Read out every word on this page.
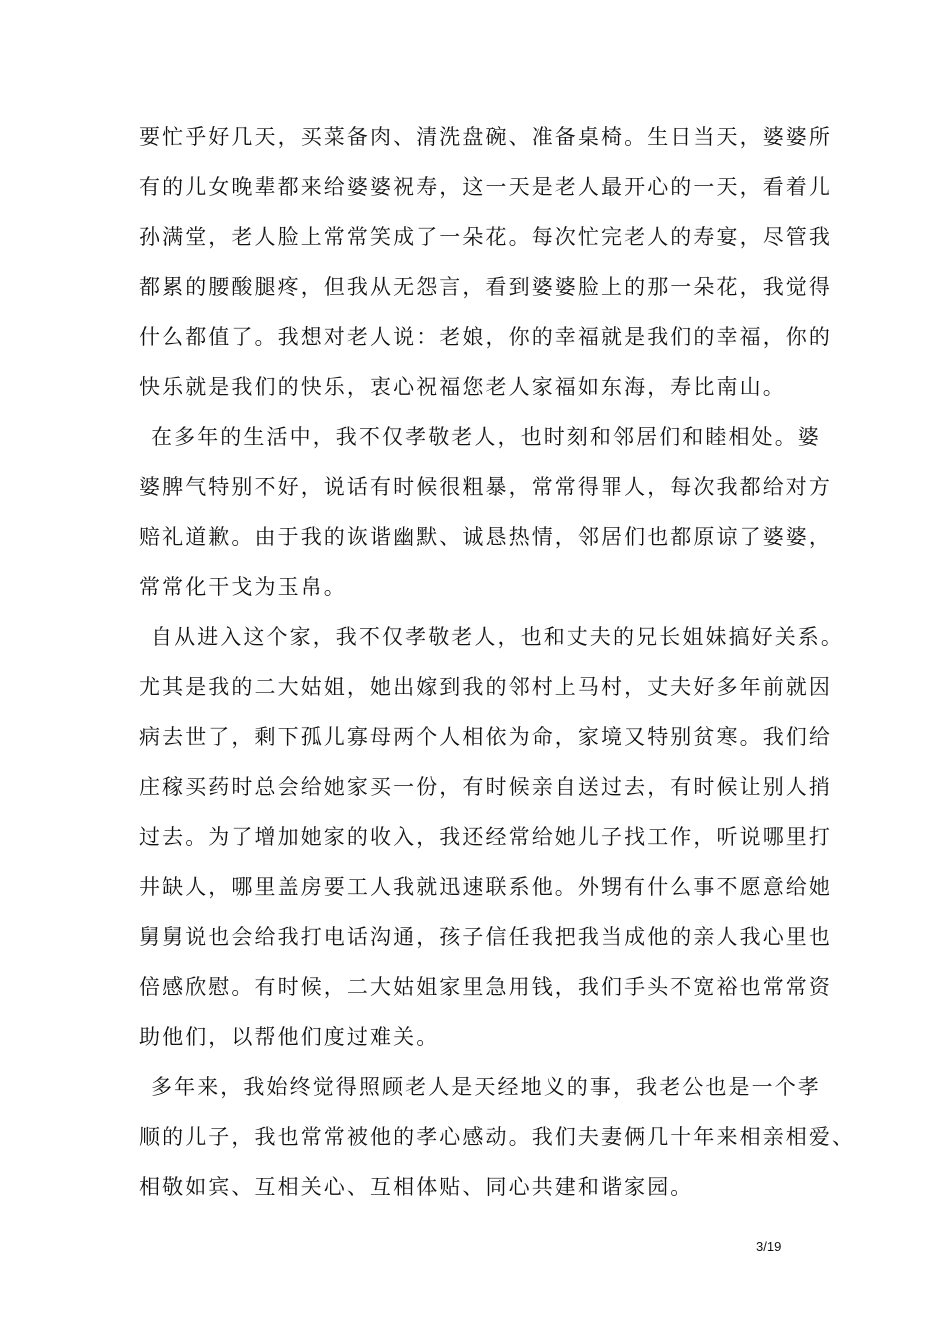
要忙乎好几天，买菜备肉、清洗盘碗、准备桌椅。生日当天，婆婆所
有的儿女晚辈都来给婆婆祝寿，这一天是老人最开心的一天，看着儿
孙满堂，老人脸上常常笑成了一朵花。每次忙完老人的寿宴，尽管我
都累的腰酸腿疼，但我从无怨言，看到婆婆脸上的那一朵花，我觉得
什么都值了。我想对老人说：老娘，你的幸福就是我们的幸福，你的
快乐就是我们的快乐，衷心祝福您老人家福如东海，寿比南山。
在多年的生活中，我不仅孝敬老人，也时刻和邻居们和睦相处。婆
婆脾气特别不好，说话有时候很粗暴，常常得罪人，每次我都给对方
赔礼道歉。由于我的诙谐幽默、诚恳热情，邻居们也都原谅了婆婆，
常常化干戈为玉帛。
自从进入这个家，我不仅孝敬老人，也和丈夫的兄长姐妹搞好关系。
尤其是我的二大姑姐，她出嫁到我的邻村上马村，丈夫好多年前就因
病去世了，剩下孤儿寡母两个人相依为命，家境又特别贫寒。我们给
庄稼买药时总会给她家买一份，有时候亲自送过去，有时候让别人捎
过去。为了增加她家的收入，我还经常给她儿子找工作，听说哪里打
井缺人，哪里盖房要工人我就迅速联系他。外甥有什么事不愿意给她
舅舅说也会给我打电话沟通，孩子信任我把我当成他的亲人我心里也
倍感欣慰。有时候，二大姑姐家里急用钱，我们手头不宽裕也常常资
助他们，以帮他们度过难关。
多年来，我始终觉得照顾老人是天经地义的事，我老公也是一个孝
顺的儿子，我也常常被他的孝心感动。我们夫妻俩几十年来相亲相爱、
相敬如宾、互相关心、互相体贴、同心共建和谐家园。
3/19
